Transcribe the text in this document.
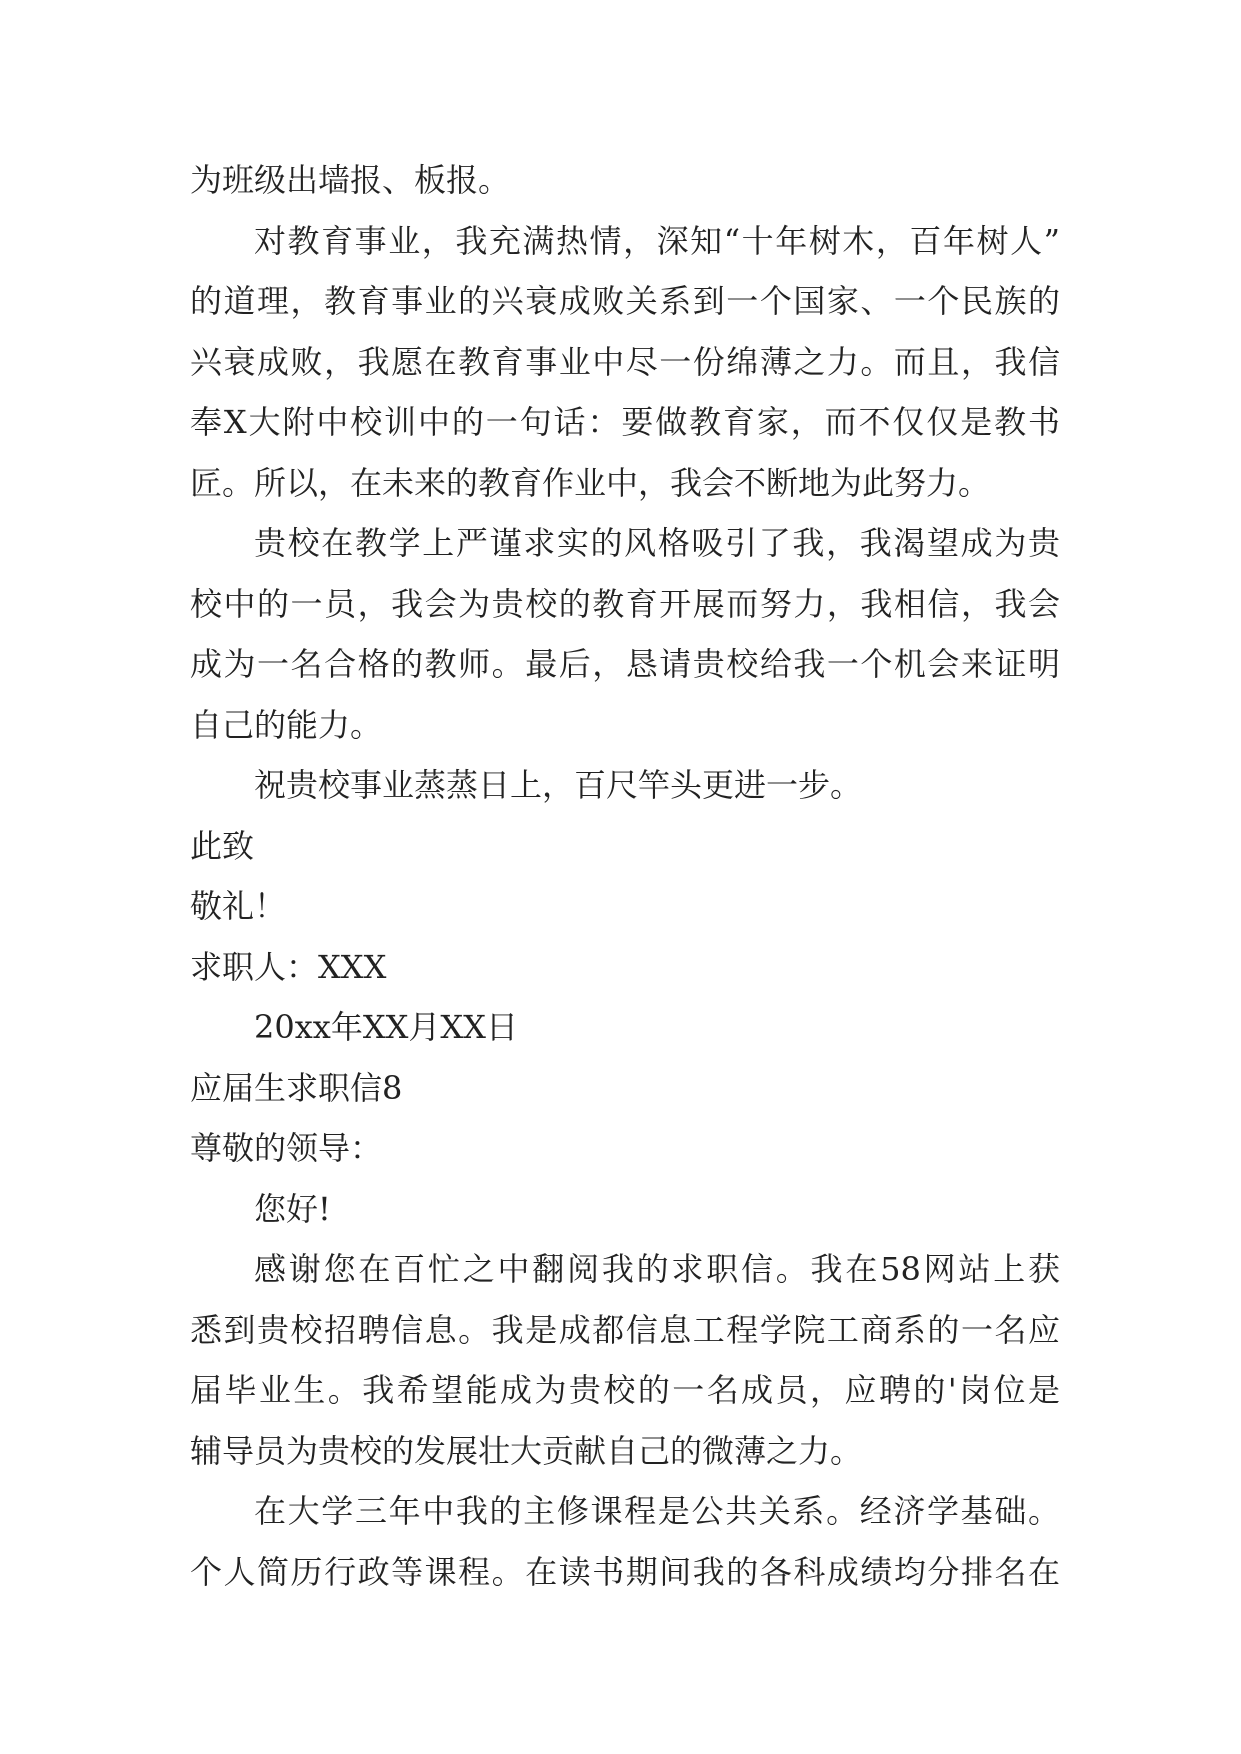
为班级出墙报、板报。
对教育事业，我充满热情，深知“十年树木，百年树人”
的道理，教育事业的兴衰成败关系到一个国家、一个民族的
兴衰成败，我愿在教育事业中尽一份绵薄之力。而且，我信
奉X大附中校训中的一句话：要做教育家，而不仅仅是教书
匠。所以，在未来的教育作业中，我会不断地为此努力。
贵校在教学上严谨求实的风格吸引了我，我渴望成为贵
校中的一员，我会为贵校的教育开展而努力，我相信，我会
成为一名合格的教师。最后，恳请贵校给我一个机会来证明
自己的能力。
祝贵校事业蒸蒸日上，百尺竿头更进一步。
此致
敬礼！
求职人：XXX
20xx年XX月XX日
应届生求职信8
尊敬的领导：
您好!
感谢您在百忙之中翻阅我的求职信。我在58网站上获
悉到贵校招聘信息。我是成都信息工程学院工商系的一名应
届毕业生。我希望能成为贵校的一名成员，应聘的'岗位是
辅导员为贵校的发展壮大贡献自己的微薄之力。
在大学三年中我的主修课程是公共关系。经济学基础。
个人简历行政等课程。在读书期间我的各科成绩均分排名在
